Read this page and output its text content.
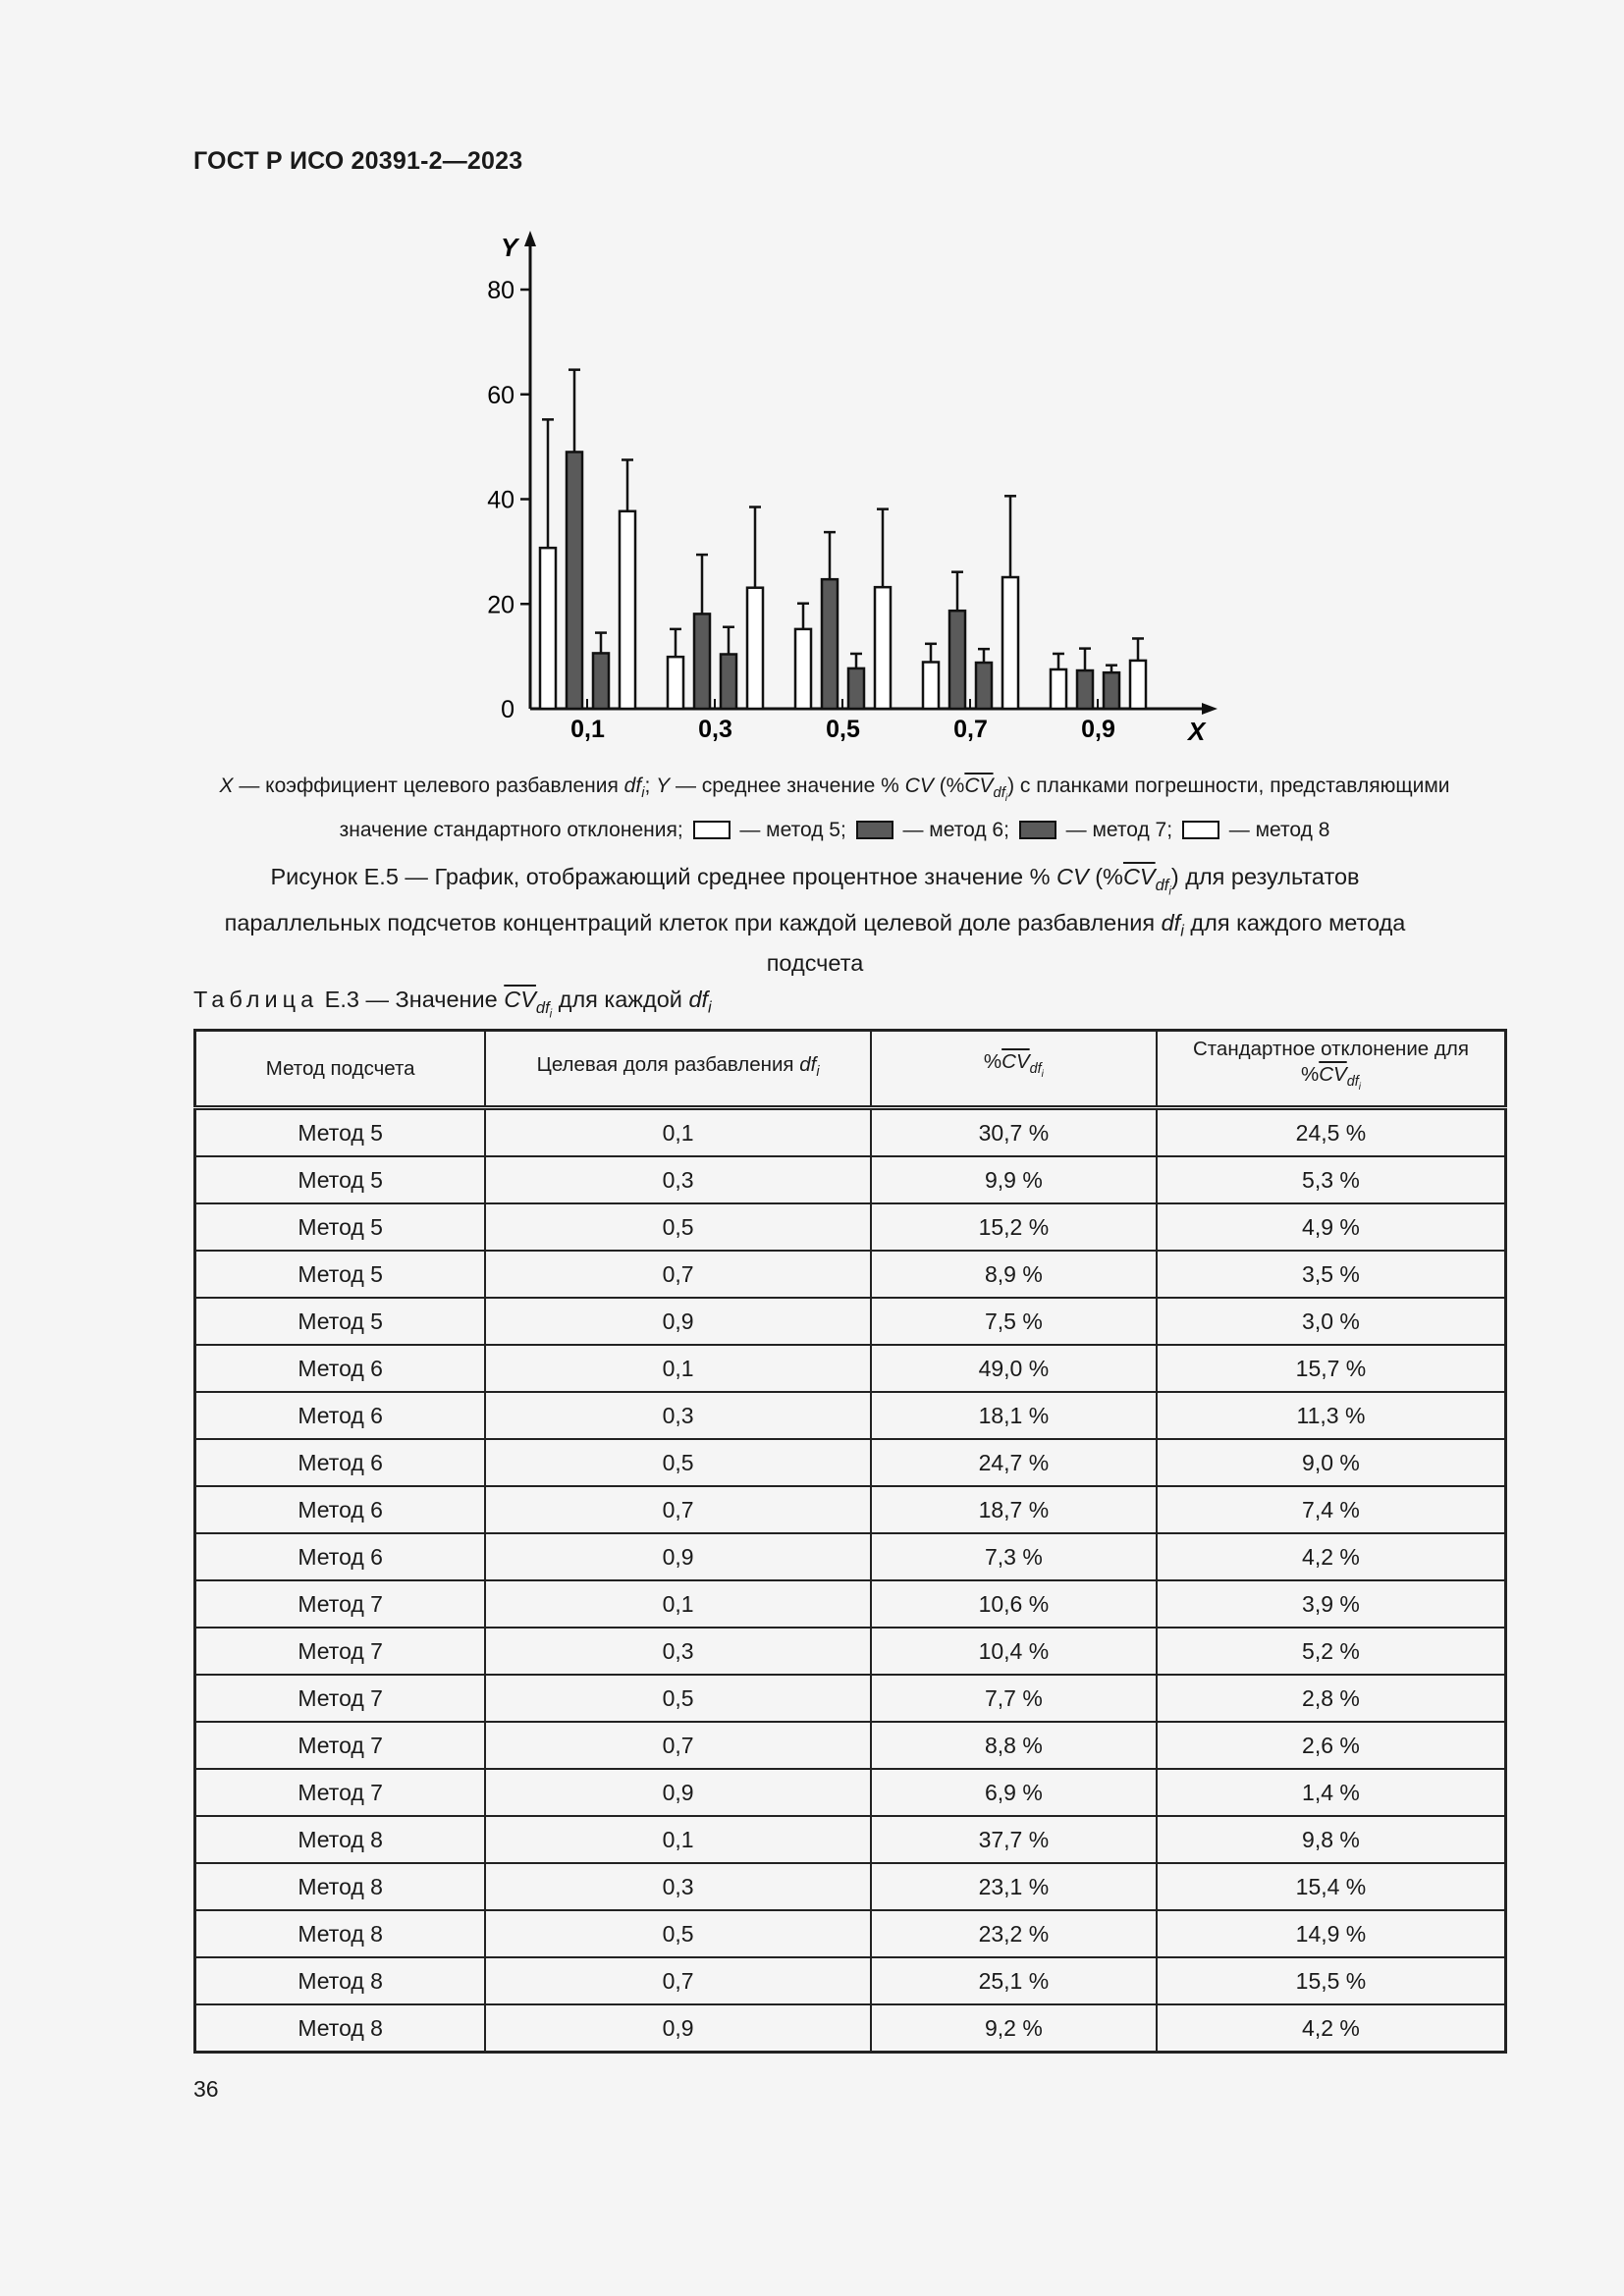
ГОСТ Р ИСО 20391-2—2023
0
20
40
60
80
Y
X
0,1	0,3	0,5	0,7	0,9
X — коэффициент целевого разбавления $df_i$; Y — среднее значение % CV $(\%\overline{CV}_{df_i})$ с планками погрешности, представляющими
значение стандартного отклонения;  — метод 5;  — метод 6;  — метод 7;  — метод 8
Рисунок Е.5 — График, отображающий среднее процентное значение % CV $(\%\overline{CV}_{df_i})$ для результатов
параллельных подсчетов концентраций клеток при каждой целевой доле разбавления $df_i$ для каждого метода
подсчета
Таблица Е.3 — Значение $\overline{CV}_{df_i}$ для каждой $df_i$
Метод подсчета	Целевая доля разбавления $df_i$	$\%\overline{CV}_{df_i}$	Стандартное отклонение для
$\%\overline{CV}_{df_i}$

Метод 5	0,1	30,7 %	24,5 %
Метод 5	0,3	9,9 %	5,3 %
Метод 5	0,5	15,2 %	4,9 %
Метод 5	0,7	8,9 %	3,5 %
Метод 5	0,9	7,5 %	3,0 %
Метод 6	0,1	49,0 %	15,7 %
Метод 6	0,3	18,1 %	11,3 %
Метод 6	0,5	24,7 %	9,0 %
Метод 6	0,7	18,7 %	7,4 %
Метод 6	0,9	7,3 %	4,2 %
Метод 7	0,1	10,6 %	3,9 %
Метод 7	0,3	10,4 %	5,2 %
Метод 7	0,5	7,7 %	2,8 %
Метод 7	0,7	8,8 %	2,6 %
Метод 7	0,9	6,9 %	1,4 %
Метод 8	0,1	37,7 %	9,8 %
Метод 8	0,3	23,1 %	15,4 %
Метод 8	0,5	23,2 %	14,9 %
Метод 8	0,7	25,1 %	15,5 %
Метод 8	0,9	9,2 %	4,2 %
36
